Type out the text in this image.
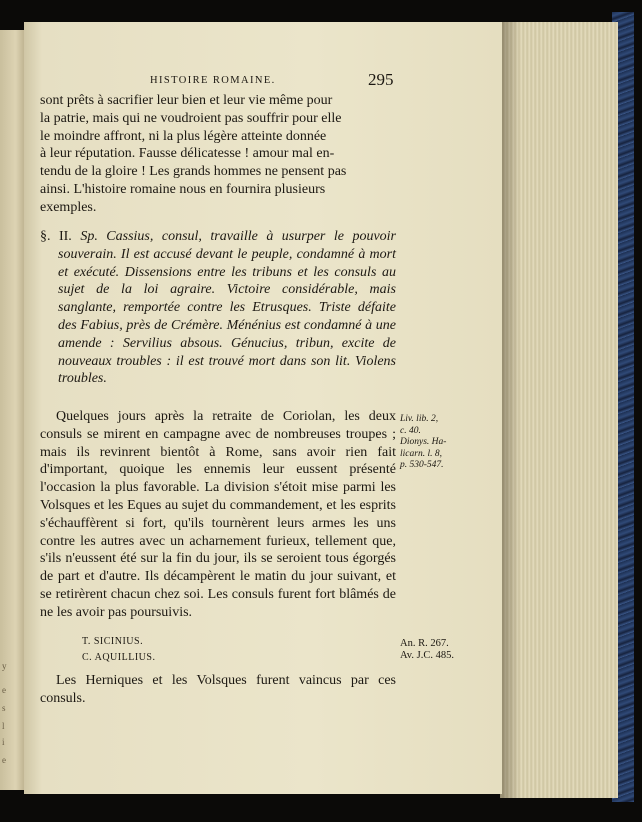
y
e
s
l
i
e
HISTOIRE ROMAINE.	295

sont prêts à sacrifier leur bien et leur vie même pour

la patrie, mais qui ne voudroient pas souffrir pour elle

le moindre affront, ni la plus légère atteinte donnée

à leur réputation. Fausse délicatesse ! amour mal en-

tendu de la gloire ! Les grands hommes ne pensent pas

ainsi. L'histoire romaine nous en fournira plusieurs

exemples.

§. II. Sp. Cassius, consul, travaille à usurper le pouvoir souverain. Il est accusé devant le peuple, condamné à mort et exécuté. Dissensions entre les tribuns et les consuls au sujet de la loi agraire. Victoire considérable, mais sanglante, remportée contre les Etrusques. Triste défaite des Fabius, près de Crémère. Ménénius est condamné à une amende : Servilius absous. Génucius, tribun, excite de nouveaux troubles : il est trouvé mort dans son lit. Violens troubles.

Quelques jours après la retraite de Coriolan, les deux consuls se mirent en campagne avec de nombreuses troupes ; mais ils revinrent bientôt à Rome, sans avoir rien fait d'important, quoique les ennemis leur eussent présenté l'occasion la plus favorable. La division s'étoit mise parmi les Volsques et les Eques au sujet du commandement, et les esprits s'échauffèrent si fort, qu'ils tournèrent leurs armes les uns contre les autres avec un acharnement furieux, tellement que, s'ils n'eussent été sur la fin du jour, ils se seroient tous égorgés de part et d'autre. Ils décampèrent le matin du jour suivant, et se retirèrent chacun chez soi. Les consuls furent fort blâmés de ne les avoir pas poursuivis.

Liv. lib. 2,
c. 40.
Dionys. Ha-
licarn. l. 8,
p. 530-547.
T. SICINIUS.
C. AQUILLIUS.
An. R. 267.
Av. J.C. 485.

Les Herniques et les Volsques furent vaincus par ces consuls.
